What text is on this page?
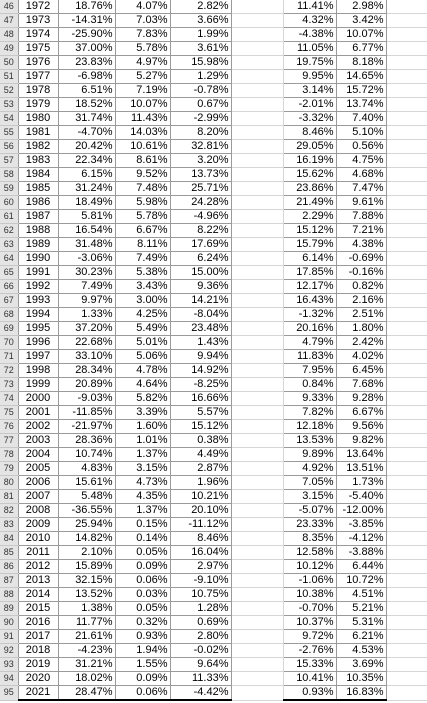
46	1972	18.76%	4.07%	2.82%		11.41%	2.98%	
47	1973	-14.31%	7.03%	3.66%		4.32%	3.42%	
48	1974	-25.90%	7.83%	1.99%		-4.38%	10.07%	
49	1975	37.00%	5.78%	3.61%		11.05%	6.77%	
50	1976	23.83%	4.97%	15.98%		19.75%	8.18%	
51	1977	-6.98%	5.27%	1.29%		9.95%	14.65%	
52	1978	6.51%	7.19%	-0.78%		3.14%	15.72%	
53	1979	18.52%	10.07%	0.67%		-2.01%	13.74%	
54	1980	31.74%	11.43%	-2.99%		-3.32%	7.40%	
55	1981	-4.70%	14.03%	8.20%		8.46%	5.10%	
56	1982	20.42%	10.61%	32.81%		29.05%	0.56%	
57	1983	22.34%	8.61%	3.20%		16.19%	4.75%	
58	1984	6.15%	9.52%	13.73%		15.62%	4.68%	
59	1985	31.24%	7.48%	25.71%		23.86%	7.47%	
60	1986	18.49%	5.98%	24.28%		21.49%	9.61%	
61	1987	5.81%	5.78%	-4.96%		2.29%	7.88%	
62	1988	16.54%	6.67%	8.22%		15.12%	7.21%	
63	1989	31.48%	8.11%	17.69%		15.79%	4.38%	
64	1990	-3.06%	7.49%	6.24%		6.14%	-0.69%	
65	1991	30.23%	5.38%	15.00%		17.85%	-0.16%	
66	1992	7.49%	3.43%	9.36%		12.17%	0.82%	
67	1993	9.97%	3.00%	14.21%		16.43%	2.16%	
68	1994	1.33%	4.25%	-8.04%		-1.32%	2.51%	
69	1995	37.20%	5.49%	23.48%		20.16%	1.80%	
70	1996	22.68%	5.01%	1.43%		4.79%	2.42%	
71	1997	33.10%	5.06%	9.94%		11.83%	4.02%	
72	1998	28.34%	4.78%	14.92%		7.95%	6.45%	
73	1999	20.89%	4.64%	-8.25%		0.84%	7.68%	
74	2000	-9.03%	5.82%	16.66%		9.33%	9.28%	
75	2001	-11.85%	3.39%	5.57%		7.82%	6.67%	
76	2002	-21.97%	1.60%	15.12%		12.18%	9.56%	
77	2003	28.36%	1.01%	0.38%		13.53%	9.82%	
78	2004	10.74%	1.37%	4.49%		9.89%	13.64%	
79	2005	4.83%	3.15%	2.87%		4.92%	13.51%	
80	2006	15.61%	4.73%	1.96%		7.05%	1.73%	
81	2007	5.48%	4.35%	10.21%		3.15%	-5.40%	
82	2008	-36.55%	1.37%	20.10%		-5.07%	-12.00%	
83	2009	25.94%	0.15%	-11.12%		23.33%	-3.85%	
84	2010	14.82%	0.14%	8.46%		8.35%	-4.12%	
85	2011	2.10%	0.05%	16.04%		12.58%	-3.88%	
86	2012	15.89%	0.09%	2.97%		10.12%	6.44%	
87	2013	32.15%	0.06%	-9.10%		-1.06%	10.72%	
88	2014	13.52%	0.03%	10.75%		10.38%	4.51%	
89	2015	1.38%	0.05%	1.28%		-0.70%	5.21%	
90	2016	11.77%	0.32%	0.69%		10.37%	5.31%	
91	2017	21.61%	0.93%	2.80%		9.72%	6.21%	
92	2018	-4.23%	1.94%	-0.02%		-2.76%	4.53%	
93	2019	31.21%	1.55%	9.64%		15.33%	3.69%	
94	2020	18.02%	0.09%	11.33%		10.41%	10.35%	
95	2021	28.47%	0.06%	-4.42%		0.93%	16.83%	
